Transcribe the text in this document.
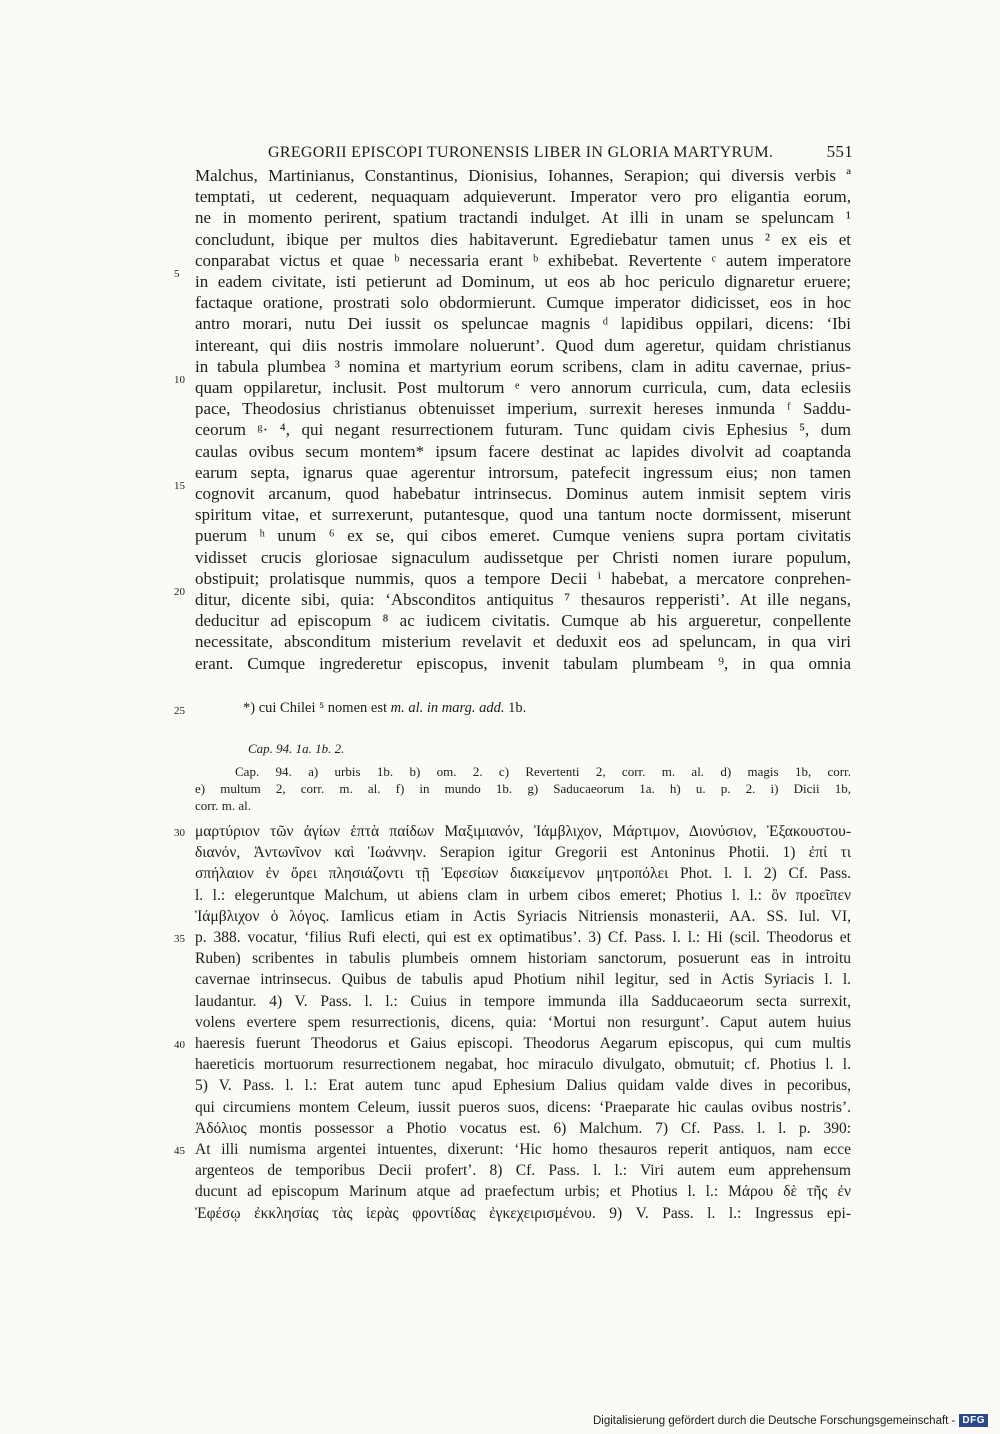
GREGORII EPISCOPI TURONENSIS LIBER IN GLORIA MARTYRUM.	551
Malchus, Martinianus, Constantinus, Dionisius, Iohannes, Serapion; qui diversis verbis ª
temptati, ut cederent, nequaquam adquieverunt. Imperator vero pro eligantia eorum,
ne in momento perirent, spatium tractandi indulget. At illi in unam se speluncam ¹
concludunt, ibique per multos dies habitaverunt. Egrediebatur tamen unus ² ex eis et
conparabat victus et quae ᵇ necessaria erant ᵇ exhibebat. Revertente ᶜ autem imperatore
in eadem civitate, isti petierunt ad Dominum, ut eos ab hoc periculo dignaretur eruere;
factaque oratione, prostrati solo obdormierunt. Cumque imperator didicisset, eos in hoc
antro morari, nutu Dei iussit os speluncae magnis ᵈ lapidibus oppilari, dicens: ‘Ibi
intereant, qui diis nostris immolare noluerunt’. Quod dum ageretur, quidam christianus
in tabula plumbea ³ nomina et martyrium eorum scribens, clam in aditu cavernae, prius-
quam oppilaretur, inclusit. Post multorum ᵉ vero annorum curricula, cum, data eclesiis
pace, Theodosius christianus obtenuisset imperium, surrexit hereses inmunda ᶠ Saddu-
ceorum ᵍ· ⁴, qui negant resurrectionem futuram. Tunc quidam civis Ephesius ⁵, dum
caulas ovibus secum montem* ipsum facere destinat ac lapides divolvit ad coaptanda
earum septa, ignarus quae agerentur introrsum, patefecit ingressum eius; non tamen
cognovit arcanum, quod habebatur intrinsecus. Dominus autem inmisit septem viris
spiritum vitae, et surrexerunt, putantesque, quod una tantum nocte dormissent, miserunt
puerum ʰ unum ⁶ ex se, qui cibos emeret. Cumque veniens supra portam civitatis
vidisset crucis gloriosae signaculum audissetque per Christi nomen iurare populum,
obstipuit; prolatisque nummis, quos a tempore Decii ⁱ habebat, a mercatore conprehen-
ditur, dicente sibi, quia: ‘Absconditos antiquitus ⁷ thesauros repperisti’. At ille negans,
deducitur ad episcopum ⁸ ac iudicem civitatis. Cumque ab his argueretur, conpellente
necessitate, absconditum misterium revelavit et deduxit eos ad speluncam, in qua viri
erant. Cumque ingrederetur episcopus, invenit tabulam plumbeam ⁹, in qua omnia
5
10
15
20
25	*) cui Chilei ⁵ nomen est m. al. in marg. add. 1b.
Cap. 94. 1a. 1b. 2.
Cap. 94. a) urbis 1b. b) om. 2. c) Revertenti 2, corr. m. al. d) magis 1b, corr.
e) multum 2, corr. m. al. f) in mundo 1b. g) Saducaeorum 1a. h) u. p. 2. i) Dicii 1b,
corr. m. al.
μαρτύριον τῶν ἁγίων ἑπτὰ παίδων Μαξιμιανόν, Ἰάμβλιχον, Μάρτιμον, Διονύσιον, Ἐξακουστου-
διανόν, Ἀντωνῖνον καὶ Ἰωάννην. Serapion igitur Gregorii est Antoninus Photii. 1) ἐπί τι
σπήλαιον ἐν ὄρει πλησιάζοντι τῇ Ἐφεσίων διακείμενον μητροπόλει Phot. l. l. 2) Cf. Pass.
l. l.: elegeruntque Malchum, ut abiens clam in urbem cibos emeret; Photius l. l.: ὃν προεῖπεν
Ἰάμβλιχον ὁ λόγος. Iamlicus etiam in Actis Syriacis Nitriensis monasterii, AA. SS. Iul. VI,
p. 388. vocatur, ‘filius Rufi electi, qui est ex optimatibus’. 3) Cf. Pass. l. l.: Hi (scil. Theodorus et
Ruben) scribentes in tabulis plumbeis omnem historiam sanctorum, posuerunt eas in introitu
cavernae intrinsecus. Quibus de tabulis apud Photium nihil legitur, sed in Actis Syriacis l. l.
laudantur. 4) V. Pass. l. l.: Cuius in tempore immunda illa Sadducaeorum secta surrexit,
volens evertere spem resurrectionis, dicens, quia: ‘Mortui non resurgunt’. Caput autem huius
haeresis fuerunt Theodorus et Gaius episcopi. Theodorus Aegarum episcopus, qui cum multis
haereticis mortuorum resurrectionem negabat, hoc miraculo divulgato, obmutuit; cf. Photius l. l.
5) V. Pass. l. l.: Erat autem tunc apud Ephesium Dalius quidam valde dives in pecoribus,
qui circumiens montem Celeum, iussit pueros suos, dicens: ‘Praeparate hic caulas ovibus nostris’.
Ἀδόλιος montis possessor a Photio vocatus est. 6) Malchum. 7) Cf. Pass. l. l. p. 390:
At illi numisma argentei intuentes, dixerunt: ‘Hic homo thesauros reperit antiquos, nam ecce
argenteos de temporibus Decii profert’. 8) Cf. Pass. l. l.: Viri autem eum apprehensum
ducunt ad episcopum Marinum atque ad praefectum urbis; et Photius l. l.: Μάρου δὲ τῆς ἐν
Ἐφέσῳ ἐκκλησίας τὰς ἱερὰς φροντίδας ἐγκεχειρισμένου. 9) V. Pass. l. l.: Ingressus epi-
30
35
40
45
Digitalisierung gefördert durch die Deutsche Forschungsgemeinschaft - DFG
